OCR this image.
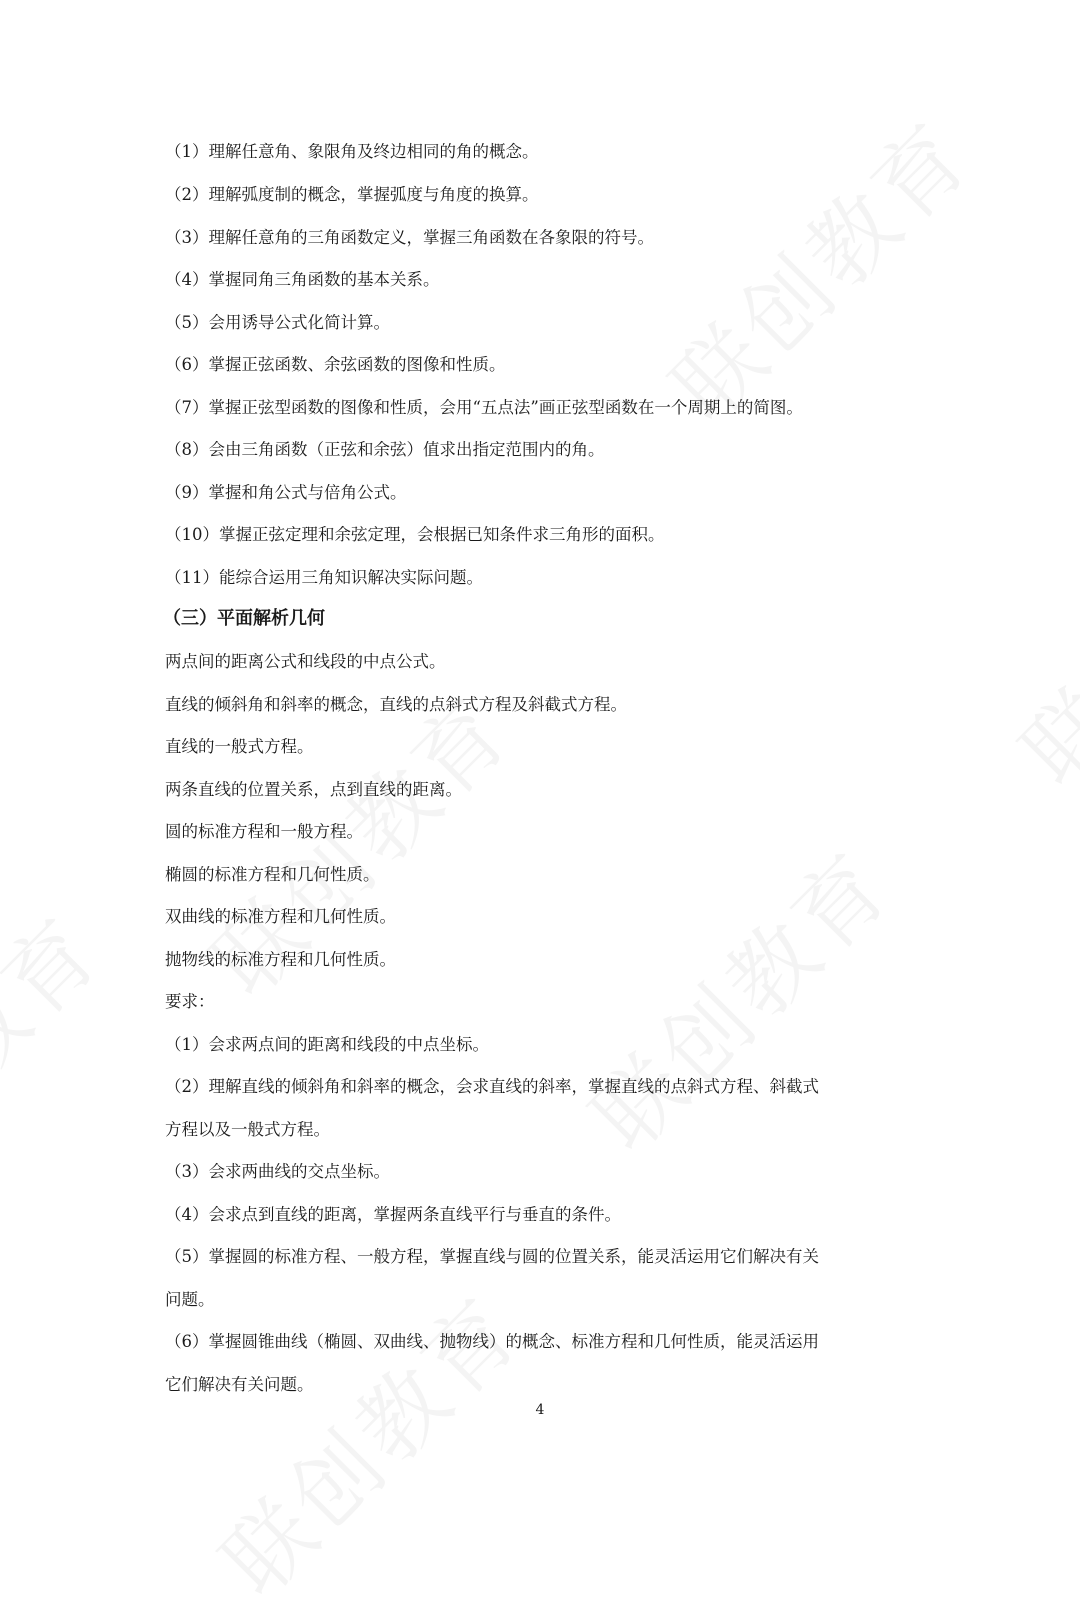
（1）理解任意角、象限角及终边相同的角的概念。
（2）理解弧度制的概念，掌握弧度与角度的换算。
（3）理解任意角的三角函数定义，掌握三角函数在各象限的符号。
（4）掌握同角三角函数的基本关系。
（5）会用诱导公式化简计算。
（6）掌握正弦函数、余弦函数的图像和性质。
（7）掌握正弦型函数的图像和性质，会用“五点法”画正弦型函数在一个周期上的简图。
（8）会由三角函数（正弦和余弦）值求出指定范围内的角。
（9）掌握和角公式与倍角公式。
（10）掌握正弦定理和余弦定理，会根据已知条件求三角形的面积。
（11）能综合运用三角知识解决实际问题。
（三）平面解析几何
两点间的距离公式和线段的中点公式。
直线的倾斜角和斜率的概念，直线的点斜式方程及斜截式方程。
直线的一般式方程。
两条直线的位置关系，点到直线的距离。
圆的标准方程和一般方程。
椭圆的标准方程和几何性质。
双曲线的标准方程和几何性质。
抛物线的标准方程和几何性质。
要求：
（1）会求两点间的距离和线段的中点坐标。
（2）理解直线的倾斜角和斜率的概念，会求直线的斜率，掌握直线的点斜式方程、斜截式
方程以及一般式方程。
（3）会求两曲线的交点坐标。
（4）会求点到直线的距离，掌握两条直线平行与垂直的条件。
（5）掌握圆的标准方程、一般方程，掌握直线与圆的位置关系，能灵活运用它们解决有关
问题。
（6）掌握圆锥曲线（椭圆、双曲线、抛物线）的概念、标准方程和几何性质，能灵活运用
它们解决有关问题。
4
